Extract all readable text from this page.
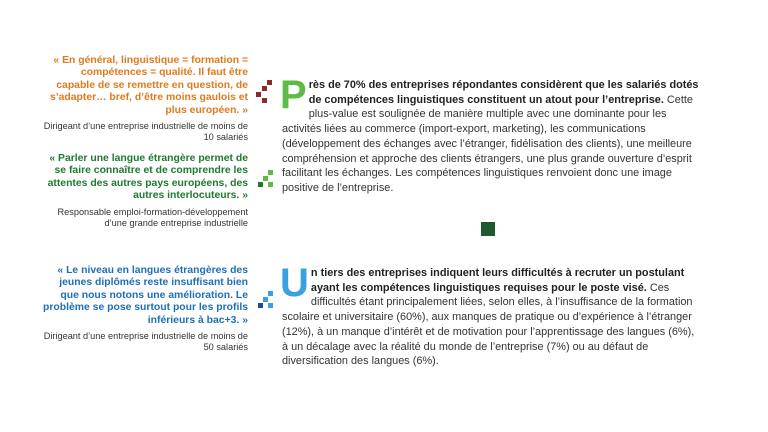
« En général, linguistique = formation = compétences = qualité. Il faut être capable de se remettre en question, de s’adapter… bref, d’être moins gaulois et plus européen. »
Dirigeant d’une entreprise industrielle de moins de 10 salariés
« Parler une langue étrangère permet de se faire connaître et de comprendre les attentes des autres pays européens, des autres interlocuteurs. »
Responsable emploi-formation-développement d’une grande entreprise industrielle
« Le niveau en langues étrangères des jeunes diplômés reste insuffisant bien que nous notons une amélioration. Le problème se pose surtout pour les profils inférieurs à bac+3. »
Dirigeant d’une entreprise industrielle de moins de 50 salariés
P rès de 70% des entreprises répondantes considèrent que les salariés dotés de compétences linguistiques constituent un atout pour l’entreprise. Cette plus-value est soulignée de manière multiple avec une dominante pour les activités liées au commerce (import-export, marketing), les communications (développement des échanges avec l’étranger, fidélisation des clients), une meilleure compréhension et approche des clients étrangers, une plus grande ouverture d’esprit facilitant les échanges. Les compétences linguistiques renvoient donc une image positive de l’entreprise.
U n tiers des entreprises indiquent leurs difficultés à recruter un postulant ayant les compétences linguistiques requises pour le poste visé. Ces difficultés étant principalement liées, selon elles, à l’insuffisance de la formation scolaire et universitaire (60%), aux manques de pratique ou d’expérience à l’étranger (12%), à un manque d’intérêt et de motivation pour l’apprentissage des langues (6%), à un décalage avec la réalité du monde de l’entreprise (7%) ou au défaut de diversification des langues (6%).
